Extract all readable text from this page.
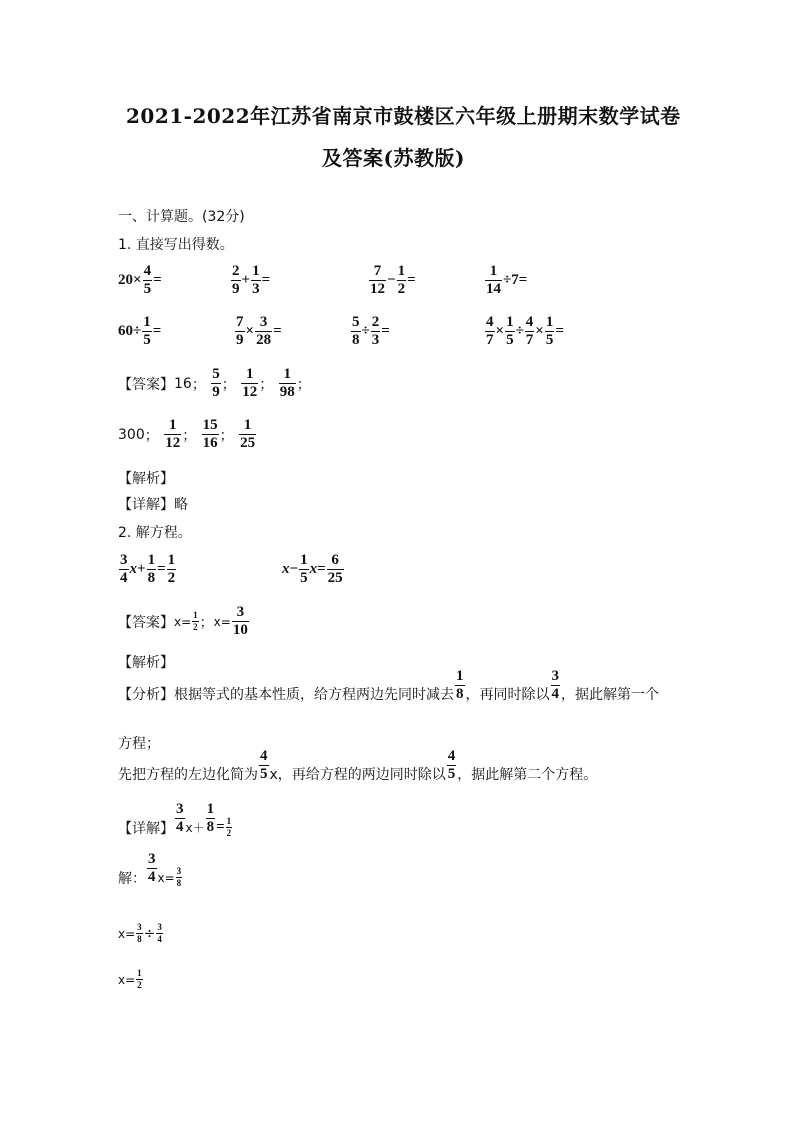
2021-2022年江苏省南京市鼓楼区六年级上册期末数学试卷
及答案(苏教版)
一、计算题。(32分)
1. 直接写出得数。
$20\times \frac{4}{5}$ =	$\frac{2}{9} + \frac{1}{3}$ =	$\frac{7}{12} - \frac{1}{2}$ =	$\frac{1}{14} \div 7=$
$60\div \frac{1}{5}$ =	$\frac{7}{9} \times \frac{3}{28}$ =	$\frac{5}{8} \div \frac{2}{3}$ =	$\frac{4}{7} \times \frac{1}{5} \div \frac{4}{7} \times \frac{1}{5}$ =
【答案】16； $\frac{5}{9}$ ； $\frac{1}{12}$ ； $\frac{1}{98}$ ；
300； $\frac{1}{12}$ ； $\frac{15}{16}$ ； $\frac{1}{25}$
【解析】
【详解】略
2. 解方程。
$\frac{3}{4} x+ \frac{1}{8} = \frac{1}{2}$	$x- \frac{1}{5} x= \frac{6}{25}$
【答案】$x= \frac{1}{2}$ ；$x= \frac{3}{10}$
【解析】
【分析】根据等式的基本性质，给方程两边先同时减去 $\frac{1}{8}$ ，再同时除以 $\frac{3}{4}$ ，据此解第一个
方程；
先把方程的左边化简为 $\frac{4}{5}$ x，再给方程的两边同时除以 $\frac{4}{5}$ ，据此解第二个方程。
【详解】 $\frac{3}{4} x+ \frac{1}{8} = \frac{1}{2}$
解： $\frac{3}{4} x= \frac{3}{8}$
$x= \frac{3}{8} \div \frac{3}{4}$
$x= \frac{1}{2}$
